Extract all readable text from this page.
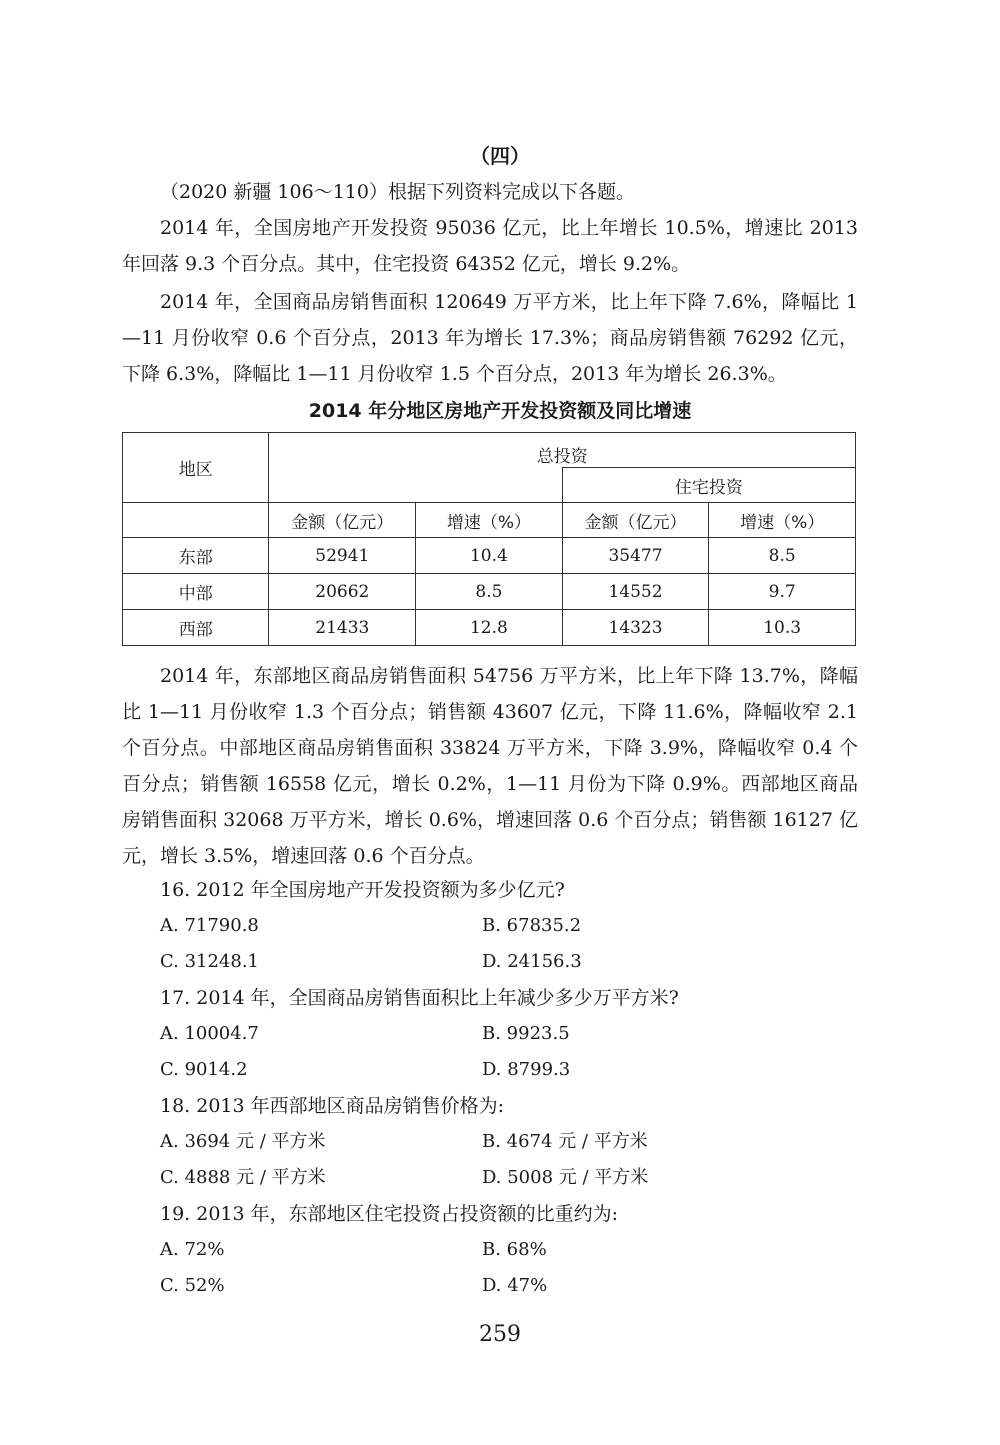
（四）

（2020 新疆 106～110）根据下列资料完成以下各题。

2014 年，全国房地产开发投资 95036 亿元，比上年增长 10.5%，增速比 2013 年回落 9.3 个百分点。其中，住宅投资 64352 亿元，增长 9.2%。

2014 年，全国商品房销售面积 120649 万平方米，比上年下降 7.6%，降幅比 1—11 月份收窄 0.6 个百分点，2013 年为增长 17.3%；商品房销售额 76292 亿元，下降 6.3%，降幅比 1—11 月份收窄 1.5 个百分点，2013 年为增长 26.3%。

2014 年分地区房地产开发投资额及同比增速
地区	总投资			
			住宅投资	
	金额（亿元）	增速（%）	金额（亿元）	增速（%）
东部	52941	10.4	35477	8.5
中部	20662	8.5	14552	9.7
西部	21433	12.8	14323	10.3

2014 年，东部地区商品房销售面积 54756 万平方米，比上年下降 13.7%，降幅比 1—11 月份收窄 1.3 个百分点；销售额 43607 亿元，下降 11.6%，降幅收窄 2.1 个百分点。中部地区商品房销售面积 33824 万平方米，下降 3.9%，降幅收窄 0.4 个百分点；销售额 16558 亿元，增长 0.2%，1—11 月份为下降 0.9%。西部地区商品房销售面积 32068 万平方米，增长 0.6%，增速回落 0.6 个百分点；销售额 16127 亿元，增长 3.5%，增速回落 0.6 个百分点。

16. 2012 年全国房地产开发投资额为多少亿元?
A. 71790.8	B. 67835.2
C. 31248.1	D. 24156.3
17. 2014 年，全国商品房销售面积比上年减少多少万平方米?
A. 10004.7	B. 9923.5
C. 9014.2	D. 8799.3
18. 2013 年西部地区商品房销售价格为:
A. 3694 元 / 平方米	B. 4674 元 / 平方米
C. 4888 元 / 平方米	D. 5008 元 / 平方米
19. 2013 年，东部地区住宅投资占投资额的比重约为:
A. 72%	B. 68%
C. 52%	D. 47%
259
